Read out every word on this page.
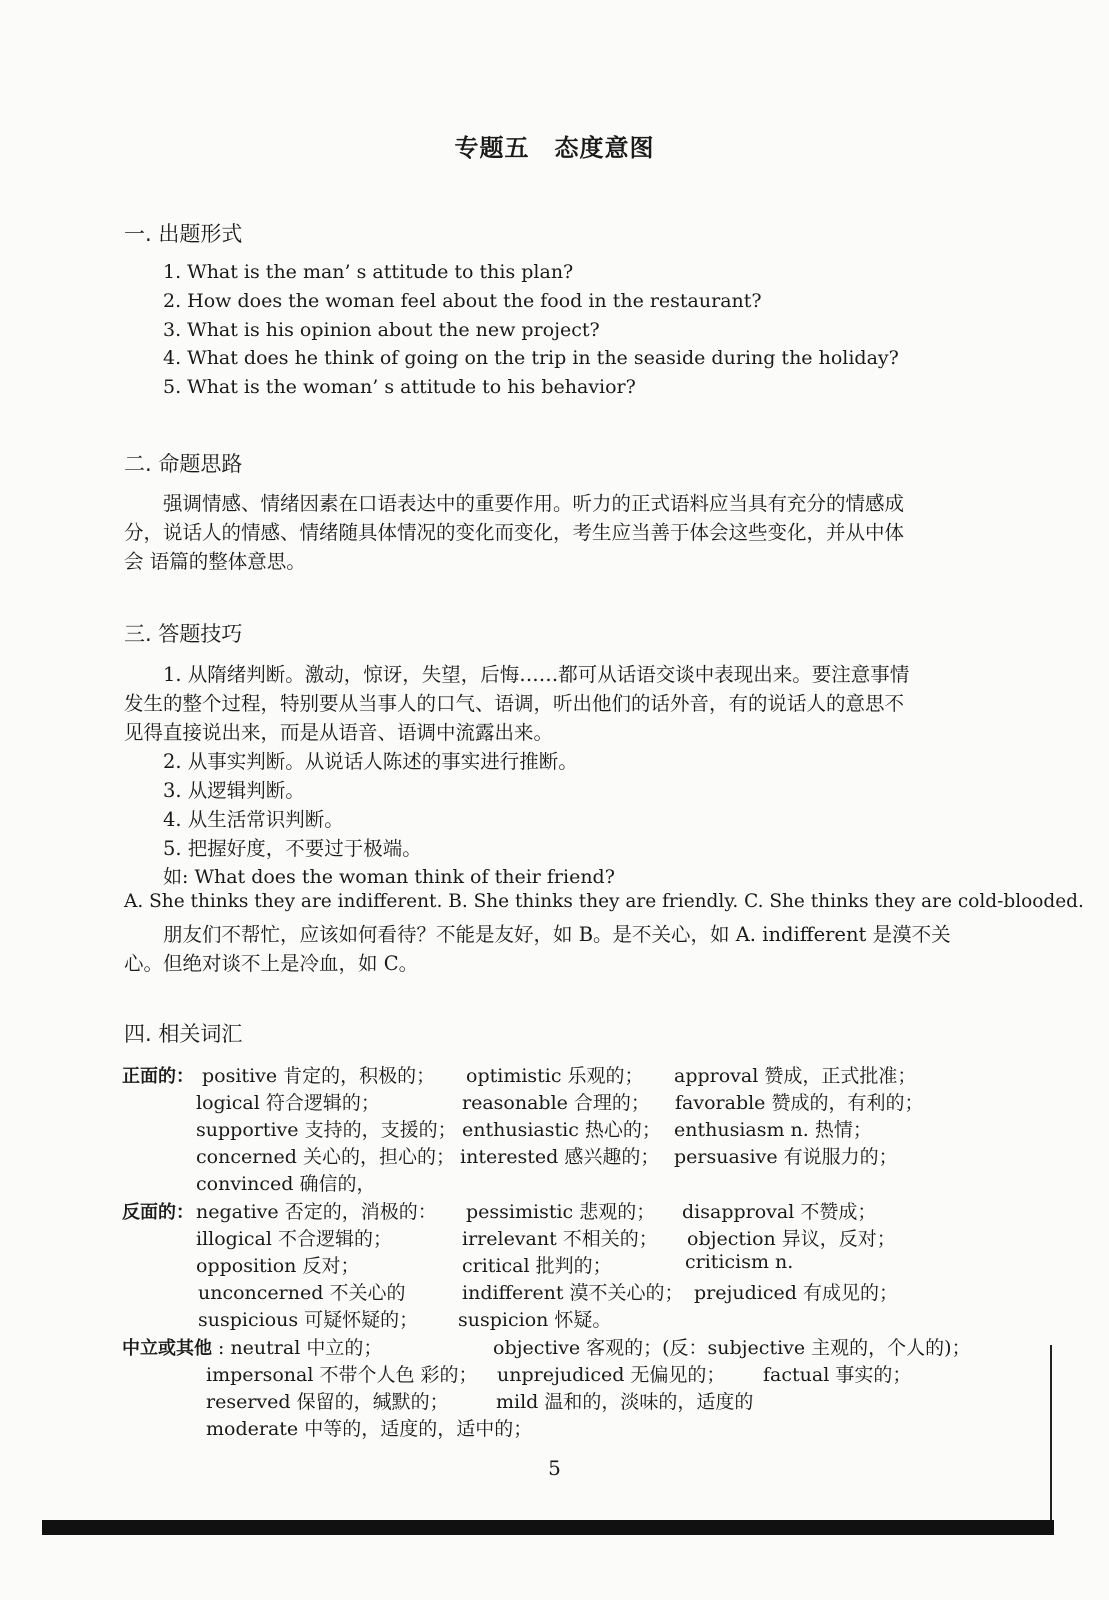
专题五　态度意图
一. 出题形式
1. What is the man’ s attitude to this plan?
2. How does the woman feel about the food in the restaurant?
3. What is his opinion about the new project?
4. What does he think of going on the trip in the seaside during the holiday?
5. What is the woman’ s attitude to his behavior?
二. 命题思路
强调情感、情绪因素在口语表达中的重要作用。听力的正式语料应当具有充分的情感成
分，说话人的情感、情绪随具体情况的变化而变化，考生应当善于体会这些变化，并从中体
会 语篇的整体意思。
三. 答题技巧
1. 从隋绪判断。激动，惊讶，失望，后悔……都可从话语交谈中表现出来。要注意事情
发生的整个过程，特别要从当事人的口气、语调，听出他们的话外音，有的说话人的意思不
见得直接说出来，而是从语音、语调中流露出来。
2. 从事实判断。从说话人陈述的事实进行推断。
3. 从逻辑判断。
4. 从生活常识判断。
5. 把握好度，不要过于极端。
如: What does the woman think of their friend?
A. She thinks they are indifferent. B. She thinks they are friendly. C. She thinks they are cold-blooded.
朋友们不帮忙，应该如何看待？不能是友好，如 B。是不关心，如 A. indifferent 是漠不关
心。但绝对谈不上是冷血，如 C。
四. 相关词汇
正面的： positive 肯定的，积极的； optimistic 乐观的； approval 赞成，正式批准；
logical 符合逻辑的；	reasonable 合理的； favorable 赞成的，有利的；
supportive 支持的，支援的； enthusiastic 热心的； enthusiasm n. 热情；
concerned 关心的，担心的； interested 感兴趣的； persuasive 有说服力的；
convinced 确信的，
反面的： negative 否定的，消极的： pessimistic 悲观的； disapproval 不赞成；
illogical 不合逻辑的；	irrelevant 不相关的； objection 异议，反对；
opposition 反对；	critical 批判的；	criticism n.
unconcerned 不关心的	indifferent 漠不关心的； prejudiced 有成见的；
suspicious 可疑怀疑的； suspicion 怀疑。
中立或其他 : neutral 中立的；	objective 客观的；(反：subjective 主观的，个人的)；
impersonal 不带个人色 彩的； unprejudiced 无偏见的； factual 事实的；
reserved 保留的，缄默的； mild 温和的，淡味的，适度的
moderate 中等的，适度的，适中的；
5
